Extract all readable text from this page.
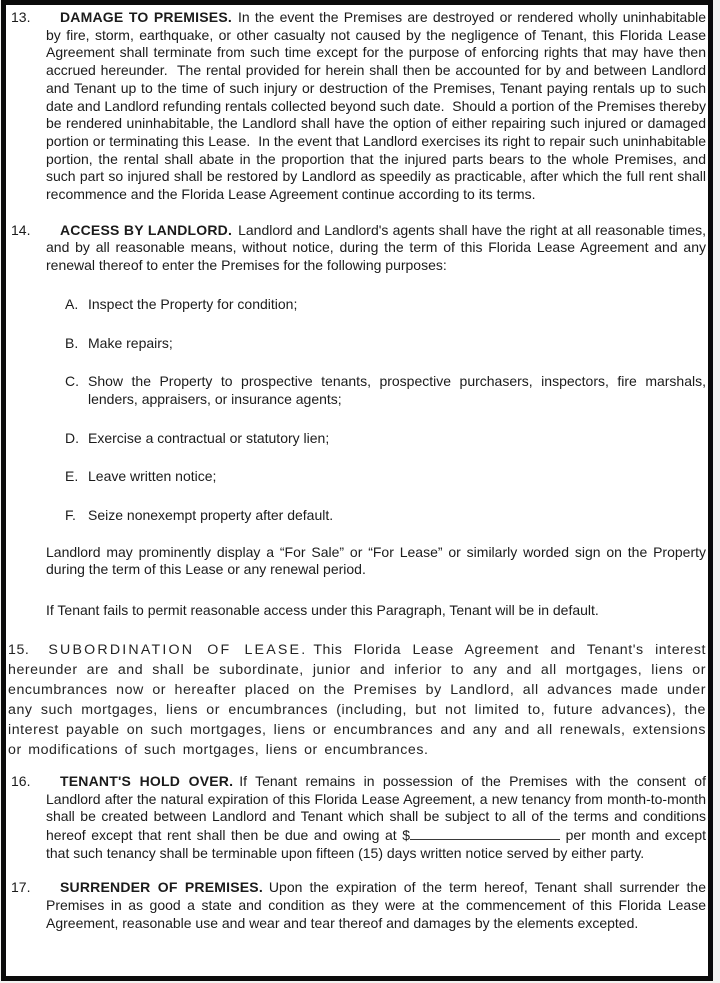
13.	DAMAGE TO PREMISES. In the event the Premises are destroyed or rendered wholly uninhabitable by fire, storm, earthquake, or other casualty not caused by the negligence of Tenant, this Florida Lease Agreement shall terminate from such time except for the purpose of enforcing rights that may have then accrued hereunder.  The rental provided for herein shall then be accounted for by and between Landlord and Tenant up to the time of such injury or destruction of the Premises, Tenant paying rentals up to such date and Landlord refunding rentals collected beyond such date.  Should a portion of the Premises thereby be rendered uninhabitable, the Landlord shall have the option of either repairing such injured or damaged portion or terminating this Lease.  In the event that Landlord exercises its right to repair such uninhabitable portion, the rental shall abate in the proportion that the injured parts bears to the whole Premises, and such part so injured shall be restored by Landlord as speedily as practicable, after which the full rent shall recommence and the Florida Lease Agreement continue according to its terms.
14.	ACCESS BY LANDLORD. Landlord and Landlord's agents shall have the right at all reasonable times, and by all reasonable means, without notice, during the term of this Florida Lease Agreement and any renewal thereof to enter the Premises for the following purposes:
A. Inspect the Property for condition;
B. Make repairs;
C. Show the Property to prospective tenants, prospective purchasers, inspectors, fire marshals, lenders, appraisers, or insurance agents;
D. Exercise a contractual or statutory lien;
E. Leave written notice;
F. Seize nonexempt property after default.
Landlord may prominently display a “For Sale” or “For Lease” or similarly worded sign on the Property during the term of this Lease or any renewal period.
If Tenant fails to permit reasonable access under this Paragraph, Tenant will be in default.
15. SUBORDINATION OF LEASE. This Florida Lease Agreement and Tenant's interest hereunder are and shall be subordinate, junior and inferior to any and all mortgages, liens or encumbrances now or hereafter placed on the Premises by Landlord, all advances made under any such mortgages, liens or encumbrances (including, but not limited to, future advances), the interest payable on such mortgages, liens or encumbrances and any and all renewals, extensions or modifications of such mortgages, liens or encumbrances.
16.	TENANT'S HOLD OVER. If Tenant remains in possession of the Premises with the consent of Landlord after the natural expiration of this Florida Lease Agreement, a new tenancy from month-to-month shall be created between Landlord and Tenant which shall be subject to all of the terms and conditions hereof except that rent shall then be due and owing at $	per month and except that such tenancy shall be terminable upon fifteen (15) days written notice served by either party.
17.	SURRENDER OF PREMISES. Upon the expiration of the term hereof, Tenant shall surrender the Premises in as good a state and condition as they were at the commencement of this Florida Lease Agreement, reasonable use and wear and tear thereof and damages by the elements excepted.
